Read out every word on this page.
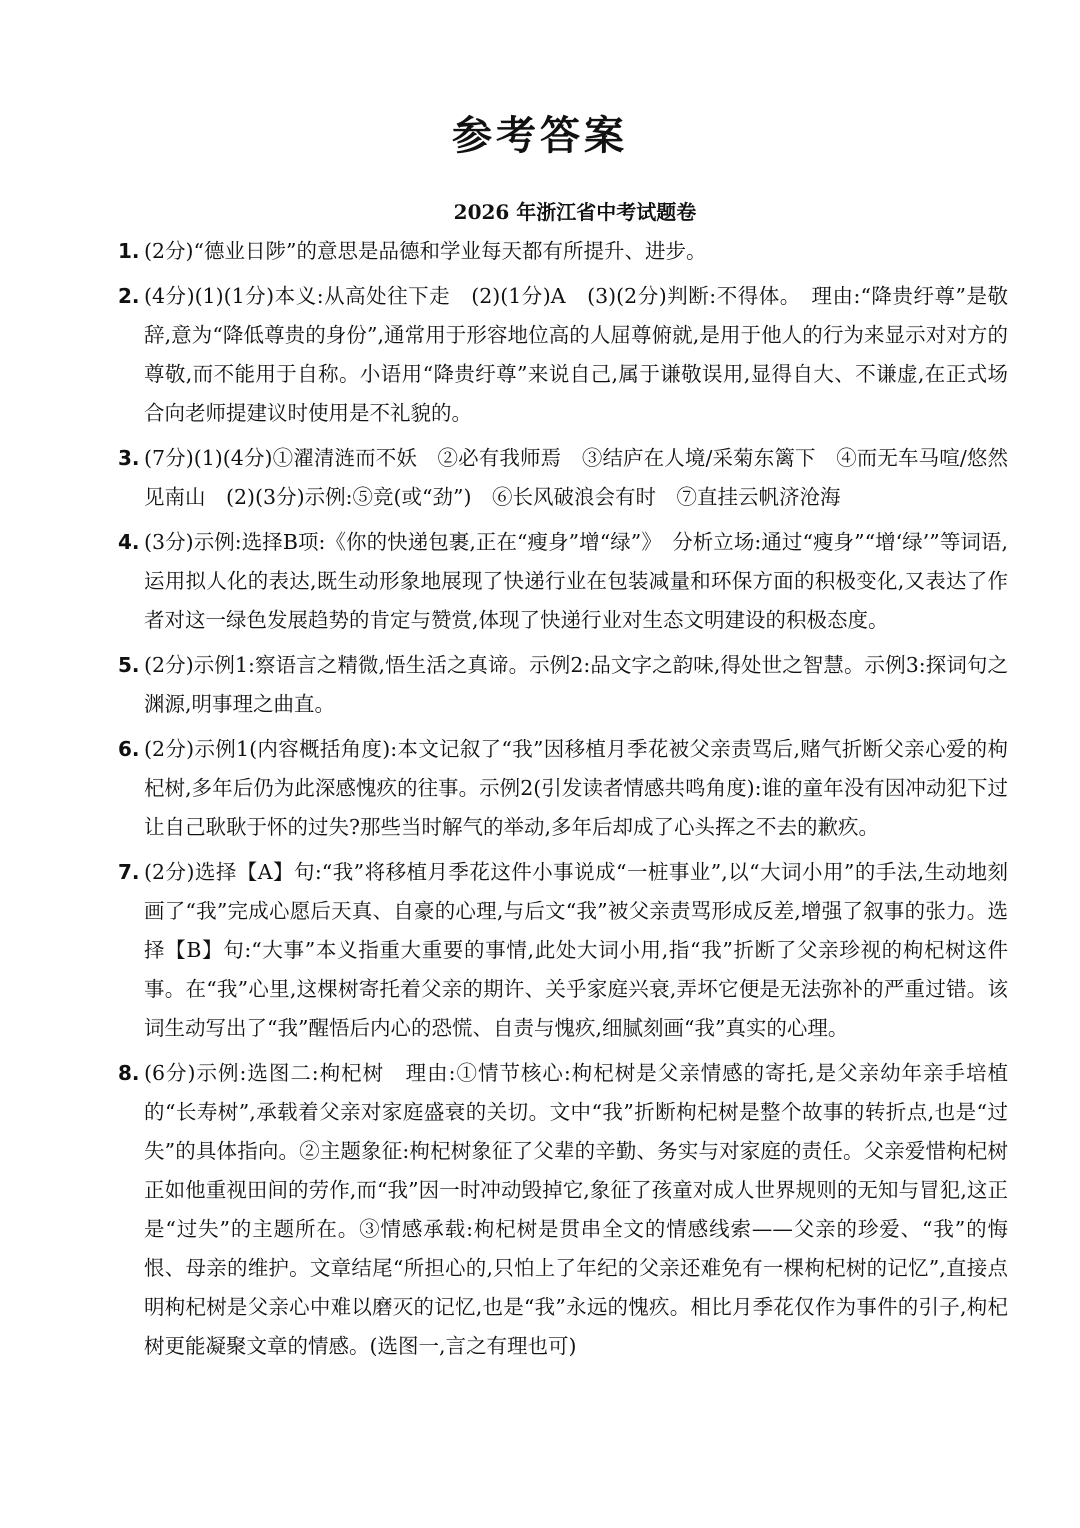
参考答案
2026 年浙江省中考试题卷
1. (2分)“德业日陟”的意思是品德和学业每天都有所提升、进步。
2. (4分)(1)(1分)本义:从高处往下走　(2)(1分)A　(3)(2分)判断:不得体。　理由:“降贵纡尊”是敬辞,意为“降低尊贵的身份”,通常用于形容地位高的人屈尊俯就,是用于他人的行为来显示对对方的尊敬,而不能用于自称。小语用“降贵纡尊”来说自己,属于谦敬误用,显得自大、不谦虚,在正式场合向老师提建议时使用是不礼貌的。
3. (7分)(1)(4分)①濯清涟而不妖　②必有我师焉　③结庐在人境/采菊东篱下　④而无车马喧/悠然见南山　(2)(3分)示例:⑤竞(或“劲”)　⑥长风破浪会有时　⑦直挂云帆济沧海
4. (3分)示例:选择B项:《你的快递包裹,正在“瘦身”增“绿”》　分析立场:通过“瘦身”“增‘绿’”等词语,运用拟人化的表达,既生动形象地展现了快递行业在包装减量和环保方面的积极变化,又表达了作者对这一绿色发展趋势的肯定与赞赏,体现了快递行业对生态文明建设的积极态度。
5. (2分)示例1:察语言之精微,悟生活之真谛。示例2:品文字之韵味,得处世之智慧。示例3:探词句之渊源,明事理之曲直。
6. (2分)示例1(内容概括角度):本文记叙了“我”因移植月季花被父亲责骂后,赌气折断父亲心爱的枸杞树,多年后仍为此深感愧疚的往事。示例2(引发读者情感共鸣角度):谁的童年没有因冲动犯下过让自己耿耿于怀的过失?那些当时解气的举动,多年后却成了心头挥之不去的歉疚。
7. (2分)选择【A】句:“我”将移植月季花这件小事说成“一桩事业”,以“大词小用”的手法,生动地刻画了“我”完成心愿后天真、自豪的心理,与后文“我”被父亲责骂形成反差,增强了叙事的张力。选择【B】句:“大事”本义指重大重要的事情,此处大词小用,指“我”折断了父亲珍视的枸杞树这件事。在“我”心里,这棵树寄托着父亲的期许、关乎家庭兴衰,弄坏它便是无法弥补的严重过错。该词生动写出了“我”醒悟后内心的恐慌、自责与愧疚,细腻刻画“我”真实的心理。
8. (6分)示例:选图二:枸杞树　理由:①情节核心:枸杞树是父亲情感的寄托,是父亲幼年亲手培植的“长寿树”,承载着父亲对家庭盛衰的关切。文中“我”折断枸杞树是整个故事的转折点,也是“过失”的具体指向。②主题象征:枸杞树象征了父辈的辛勤、务实与对家庭的责任。父亲爱惜枸杞树正如他重视田间的劳作,而“我”因一时冲动毁掉它,象征了孩童对成人世界规则的无知与冒犯,这正是“过失”的主题所在。③情感承载:枸杞树是贯串全文的情感线索——父亲的珍爱、“我”的悔恨、母亲的维护。文章结尾“所担心的,只怕上了年纪的父亲还难免有一棵枸杞树的记忆”,直接点明枸杞树是父亲心中难以磨灭的记忆,也是“我”永远的愧疚。相比月季花仅作为事件的引子,枸杞树更能凝聚文章的情感。(选图一,言之有理也可)
